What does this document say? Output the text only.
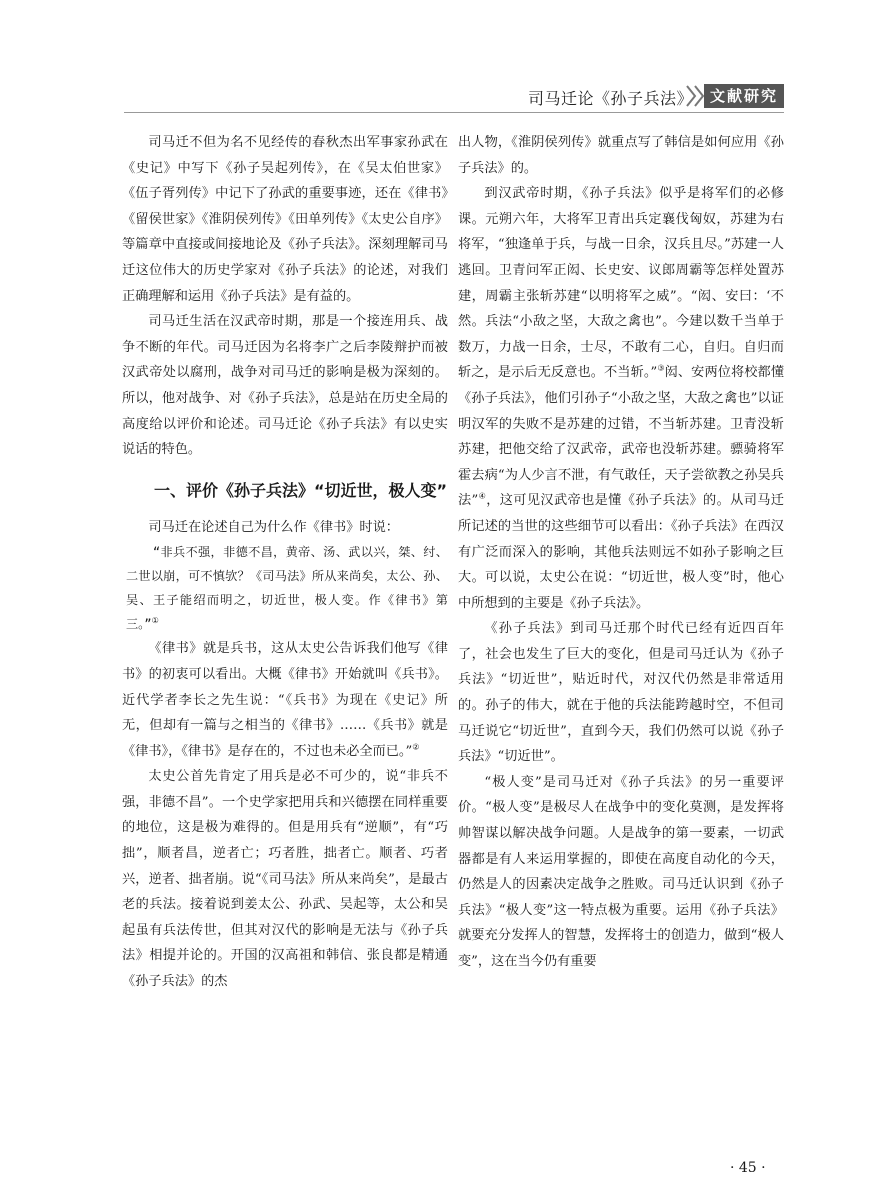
司马迁论《孙子兵法》	文献研究

司马迁不但为名不见经传的春秋杰出军事家孙武在《史记》中写下《孙子吴起列传》，在《吴太伯世家》《伍子胥列传》中记下了孙武的重要事迹，还在《律书》《留侯世家》《淮阴侯列传》《田单列传》《太史公自序》等篇章中直接或间接地论及《孙子兵法》。深刻理解司马迁这位伟大的历史学家对《孙子兵法》的论述，对我们正确理解和运用《孙子兵法》是有益的。

司马迁生活在汉武帝时期，那是一个接连用兵、战争不断的年代。司马迁因为名将李广之后李陵辩护而被汉武帝处以腐刑，战争对司马迁的影响是极为深刻的。所以，他对战争、对《孙子兵法》，总是站在历史全局的高度给以评价和论述。司马迁论《孙子兵法》有以史实说话的特色。

一、评价《孙子兵法》“切近世，极人变”

司马迁在论述自己为什么作《律书》时说：

“非兵不强，非德不昌，黄帝、汤、武以兴，桀、纣、二世以崩，可不慎欤？《司马法》所从来尚矣，太公、孙、吴、王子能绍而明之，切近世，极人变。作《律书》第三。”①

《律书》就是兵书，这从太史公告诉我们他写《律书》的初衷可以看出。大概《律书》开始就叫《兵书》。近代学者李长之先生说：“《兵书》为现在《史记》所无，但却有一篇与之相当的《律书》……《兵书》就是《律书》，《律书》是存在的，不过也未必全而已。”②

太史公首先肯定了用兵是必不可少的，说“非兵不强，非德不昌”。一个史学家把用兵和兴德摆在同样重要的地位，这是极为难得的。但是用兵有“逆顺”，有“巧拙”，顺者昌，逆者亡；巧者胜，拙者亡。顺者、巧者兴，逆者、拙者崩。说“《司马法》所从来尚矣”，是最古老的兵法。接着说到姜太公、孙武、吴起等，太公和吴起虽有兵法传世，但其对汉代的影响是无法与《孙子兵法》相提并论的。开国的汉高祖和韩信、张良都是精通《孙子兵法》的杰

出人物，《淮阴侯列传》就重点写了韩信是如何应用《孙子兵法》的。

到汉武帝时期，《孙子兵法》似乎是将军们的必修课。元朔六年，大将军卫青出兵定襄伐匈奴，苏建为右将军，“独逢单于兵，与战一日余，汉兵且尽。”苏建一人逃回。卫青问军正闳、长史安、议郎周霸等怎样处置苏建，周霸主张斩苏建“以明将军之威”。“闳、安曰：‘不然。兵法“小敌之坚，大敌之禽也”。今建以数千当单于数万，力战一日余，士尽，不敢有二心，自归。自归而斩之，是示后无反意也。不当斩。”③闳、安两位将校都懂《孙子兵法》，他们引孙子“小敌之坚，大敌之禽也”以证明汉军的失败不是苏建的过错，不当斩苏建。卫青没斩苏建，把他交给了汉武帝，武帝也没斩苏建。骠骑将军霍去病“为人少言不泄，有气敢任，天子尝欲教之孙吴兵法”④，这可见汉武帝也是懂《孙子兵法》的。从司马迁所记述的当世的这些细节可以看出：《孙子兵法》在西汉有广泛而深入的影响，其他兵法则远不如孙子影响之巨大。可以说，太史公在说：“切近世，极人变”时，他心中所想到的主要是《孙子兵法》。

《孙子兵法》到司马迁那个时代已经有近四百年了，社会也发生了巨大的变化，但是司马迁认为《孙子兵法》“切近世”，贴近时代，对汉代仍然是非常适用的。孙子的伟大，就在于他的兵法能跨越时空，不但司马迁说它“切近世”，直到今天，我们仍然可以说《孙子兵法》“切近世”。

“极人变”是司马迁对《孙子兵法》的另一重要评价。“极人变”是极尽人在战争中的变化莫测，是发挥将帅智谋以解决战争问题。人是战争的第一要素，一切武器都是有人来运用掌握的，即使在高度自动化的今天，仍然是人的因素决定战争之胜败。司马迁认识到《孙子兵法》“极人变”这一特点极为重要。运用《孙子兵法》就要充分发挥人的智慧，发挥将士的创造力，做到“极人变”，这在当今仍有重要

· 45 ·
